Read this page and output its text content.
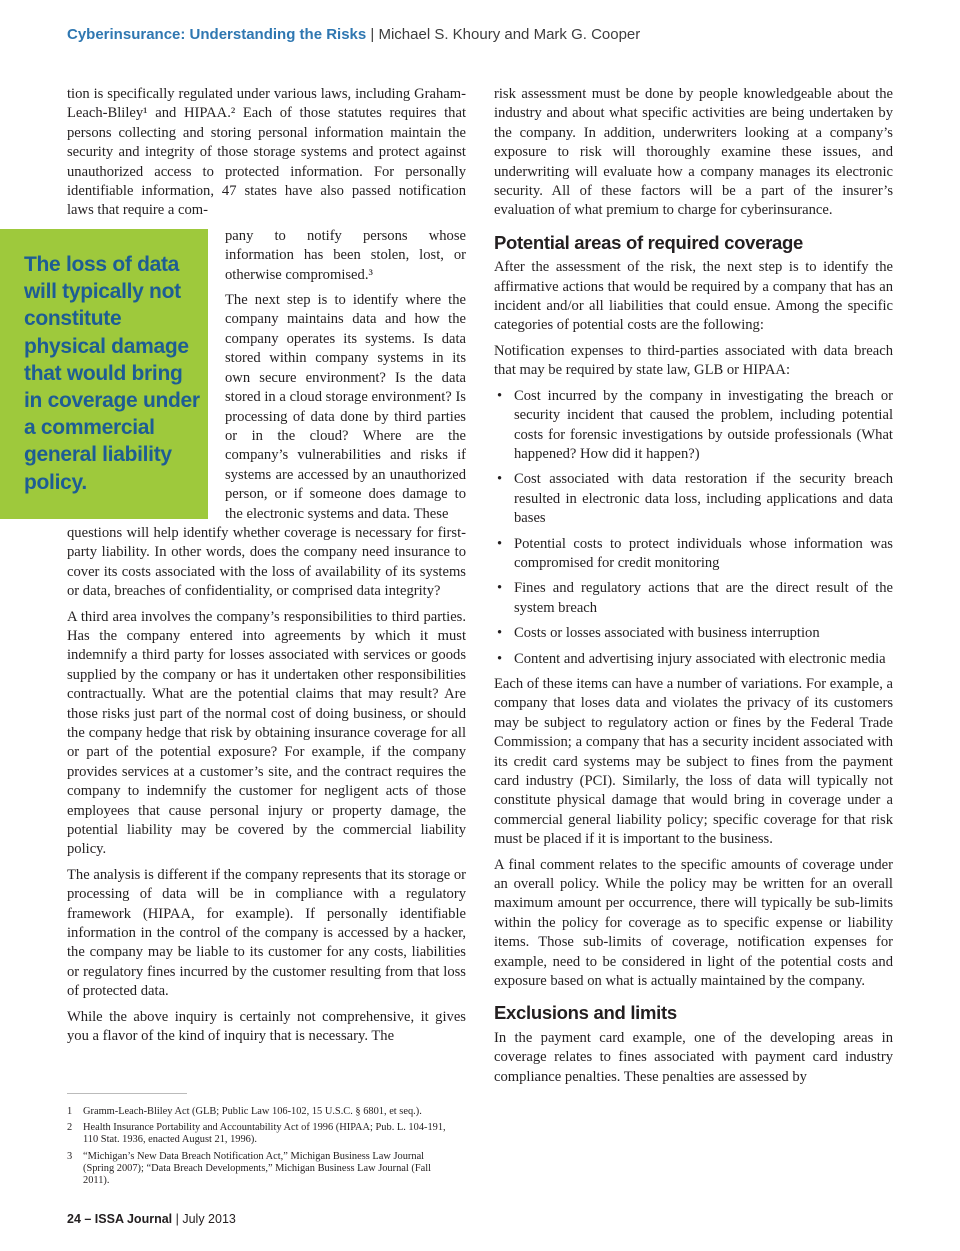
Cyberinsurance: Understanding the Risks | Michael S. Khoury and Mark G. Cooper
The loss of data will typically not constitute physical damage that would bring in coverage under a commercial general liability policy.

tion is specifically regulated under various laws, including Graham-Leach-Bliley¹ and HIPAA.² Each of those statutes requires that persons collecting and storing personal information maintain the security and integrity of those storage systems and protect against unauthorized access to protected information. For personally identifiable information, 47 states have also passed notification laws that require a com-

pany to notify persons whose information has been stolen, lost, or otherwise compromised.³

The next step is to identify where the company maintains data and how the company operates its systems. Is data stored within company systems in its own secure environment? Is the data stored in a cloud storage environment? Is processing of data done by third parties or in the cloud? Where are the company’s vulnerabilities and risks if systems are accessed by an unauthorized person, or if someone does damage to the electronic systems and data. These

questions will help identify whether coverage is necessary for first-party liability. In other words, does the company need insurance to cover its costs associated with the loss of availability of its systems or data, breaches of confidentiality, or comprised data integrity?

A third area involves the company’s responsibilities to third parties. Has the company entered into agreements by which it must indemnify a third party for losses associated with services or goods supplied by the company or has it undertaken other responsibilities contractually. What are the potential claims that may result? Are those risks just part of the normal cost of doing business, or should the company hedge that risk by obtaining insurance coverage for all or part of the potential exposure? For example, if the company provides services at a customer’s site, and the contract requires the company to indemnify the customer for negligent acts of those employees that cause personal injury or property damage, the potential liability may be covered by the commercial liability policy.

The analysis is different if the company represents that its storage or processing of data will be in compliance with a regulatory framework (HIPAA, for example). If personally identifiable information in the control of the company is accessed by a hacker, the company may be liable to its customer for any costs, liabilities or regulatory fines incurred by the customer resulting from that loss of protected data.

While the above inquiry is certainly not comprehensive, it gives you a flavor of the kind of inquiry that is necessary. The

1	Gramm-Leach-Bliley Act (GLB; Public Law 106-102, 15 U.S.C. § 6801, et seq.).
2	Health Insurance Portability and Accountability Act of 1996 (HIPAA; Pub. L. 104-191, 110 Stat. 1936, enacted August 21, 1996).
3	“Michigan’s New Data Breach Notification Act,” Michigan Business Law Journal (Spring 2007); “Data Breach Developments,” Michigan Business Law Journal (Fall 2011).

risk assessment must be done by people knowledgeable about the industry and about what specific activities are being undertaken by the company. In addition, underwriters looking at a company’s exposure to risk will thoroughly examine these issues, and underwriting will evaluate how a company manages its electronic security. All of these factors will be a part of the insurer’s evaluation of what premium to charge for cyberinsurance.

Potential areas of required coverage

After the assessment of the risk, the next step is to identify the affirmative actions that would be required by a company that has an incident and/or all liabilities that could ensue. Among the specific categories of potential costs are the following:

Notification expenses to third-parties associated with data breach that may be required by state law, GLB or HIPAA:

• Cost incurred by the company in investigating the breach or security incident that caused the problem, including potential costs for forensic investigations by outside professionals (What happened? How did it happen?)
• Cost associated with data restoration if the security breach resulted in electronic data loss, including applications and data bases
• Potential costs to protect individuals whose information was compromised for credit monitoring
• Fines and regulatory actions that are the direct result of the system breach
• Costs or losses associated with business interruption
• Content and advertising injury associated with electronic media

Each of these items can have a number of variations. For example, a company that loses data and violates the privacy of its customers may be subject to regulatory action or fines by the Federal Trade Commission; a company that has a security incident associated with its credit card systems may be subject to fines from the payment card industry (PCI). Similarly, the loss of data will typically not constitute physical damage that would bring in coverage under a commercial general liability policy; specific coverage for that risk must be placed if it is important to the business.

A final comment relates to the specific amounts of coverage under an overall policy. While the policy may be written for an overall maximum amount per occurrence, there will typically be sub-limits within the policy for coverage as to specific expense or liability items. Those sub-limits of coverage, notification expenses for example, need to be considered in light of the potential costs and exposure based on what is actually maintained by the company.

Exclusions and limits

In the payment card example, one of the developing areas in coverage relates to fines associated with payment card industry compliance penalties. These penalties are assessed by

24 – ISSA Journal | July 2013
